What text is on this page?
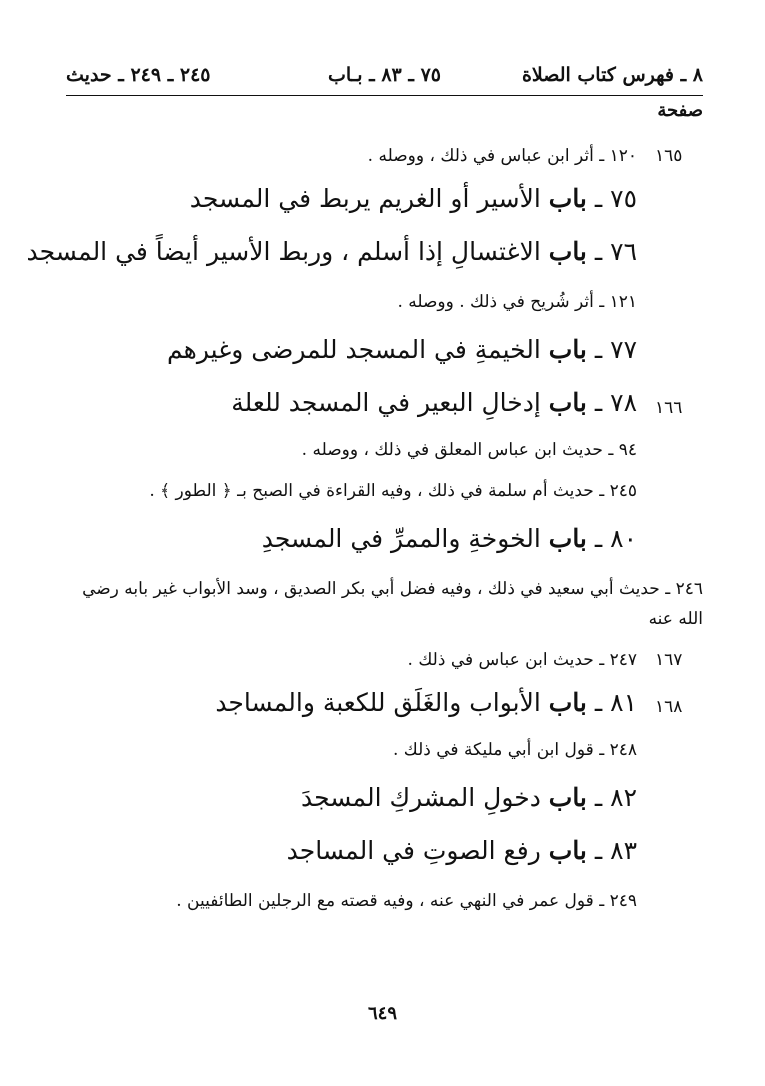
٨ ـ فهرس كتاب الصلاة
٧٥ ـ ٨٣ ـ بـاب
٢٤٥ ـ ٢٤٩ ـ حديث
صفحة
١٦٥
١٦٦
١٦٧
١٦٨
١٢٠ ـ أثر ابن عباس في ذلك ، ووصله .
٧٥ ـ باب الأسير أو الغريم يربط في المسجد
٧٦ ـ باب الاغتسالِ إذا أسلم ، وربط الأسير أيضاً في المسجد
١٢١ ـ أثر شُريح في ذلك . ووصله .
٧٧ ـ باب الخيمةِ في المسجد للمرضى وغيرهم
٧٨ ـ باب إدخالِ البعير في المسجد للعلة
٩٤ ـ حديث ابن عباس المعلق في ذلك ، ووصله .
٢٤٥ ـ حديث أم سلمة في ذلك ، وفيه القراءة في الصبح بـ ﴿ الطور ﴾ .
٨٠ ـ باب الخوخةِ والممرِّ في المسجدِ
٢٤٦ ـ حديث أبي سعيد في ذلك ، وفيه فضل أبي بكر الصديق ، وسد الأبواب غير بابه رضي الله عنه
٢٤٧ ـ حديث ابن عباس في ذلك .
٨١ ـ باب الأبواب والغَلَق للكعبة والمساجد
٢٤٨ ـ قول ابن أبي مليكة في ذلك .
٨٢ ـ باب دخولِ المشركِ المسجدَ
٨٣ ـ باب رفع الصوتِ في المساجد
٢٤٩ ـ قول عمر في النهي عنه ، وفيه قصته مع الرجلين الطائفيين .
٦٤٩
